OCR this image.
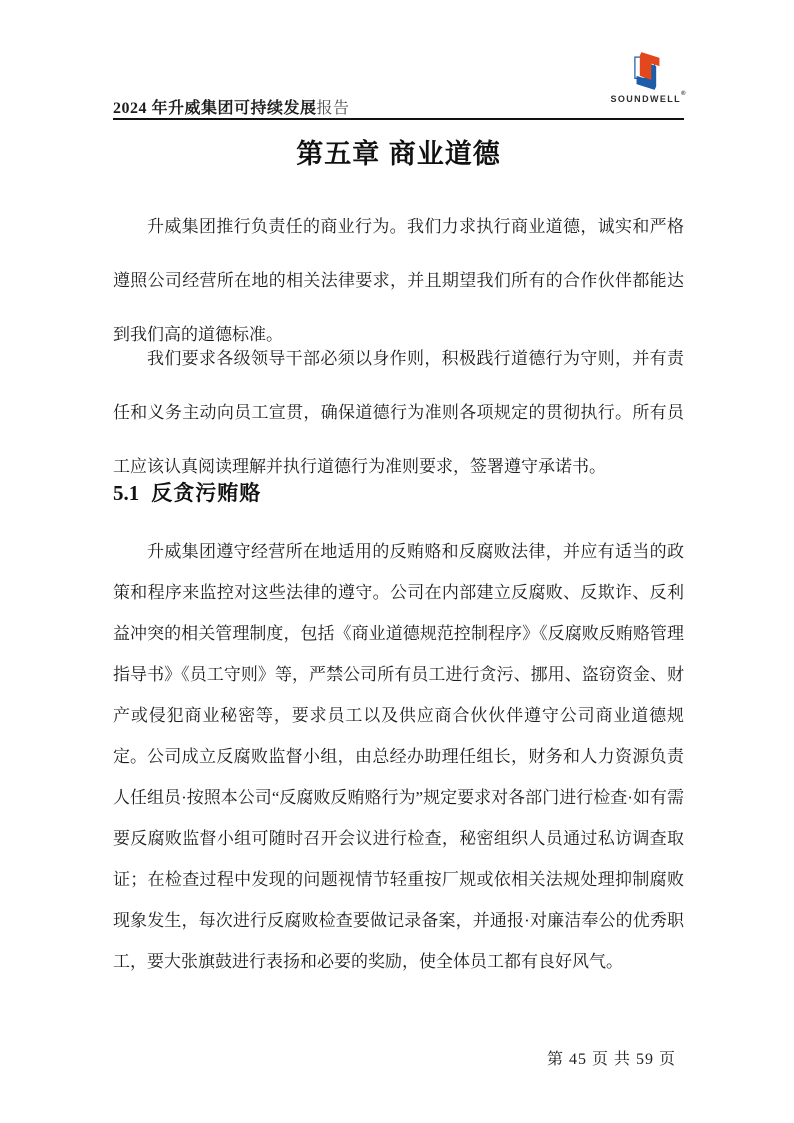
2024 年升威集团可持续发展报告
SOUNDWELL®
第五章 商业道德

升威集团推行负责任的商业行为。我们力求执行商业道德，诚实和严格遵照公司经营所在地的相关法律要求，并且期望我们所有的合作伙伴都能达到我们高的道德标准。

我们要求各级领导干部必须以身作则，积极践行道德行为守则，并有责任和义务主动向员工宣贯，确保道德行为准则各项规定的贯彻执行。所有员工应该认真阅读理解并执行道德行为准则要求，签署遵守承诺书。

5.1 反贪污贿赂

升威集团遵守经营所在地适用的反贿赂和反腐败法律，并应有适当的政策和程序来监控对这些法律的遵守。公司在内部建立反腐败、反欺诈、反利益冲突的相关管理制度，包括《商业道德规范控制程序》《反腐败反贿赂管理指导书》《员工守则》等，严禁公司所有员工进行贪污、挪用、盗窃资金、财产或侵犯商业秘密等，要求员工以及供应商合伙伙伴遵守公司商业道德规定。 公司成立反腐败监督小组，由总经办助理任组长，财务和人力资源负责人任组员·按照本公司“反腐败反贿赂行为”规定要求对各部门进行检查·如有需要反腐败监督小组可随时召开会议进行检查，秘密组织人员通过私访调查取证；在检查过程中发现的问题视情节轻重按厂规或依相关法规处理抑制腐败现象发生，每次进行反腐败检查要做记录备案，并通报·对廉洁奉公的优秀职工，要大张旗鼓进行表扬和必要的奖励，使全体员工都有良好风气。

第 45 页 共 59 页
